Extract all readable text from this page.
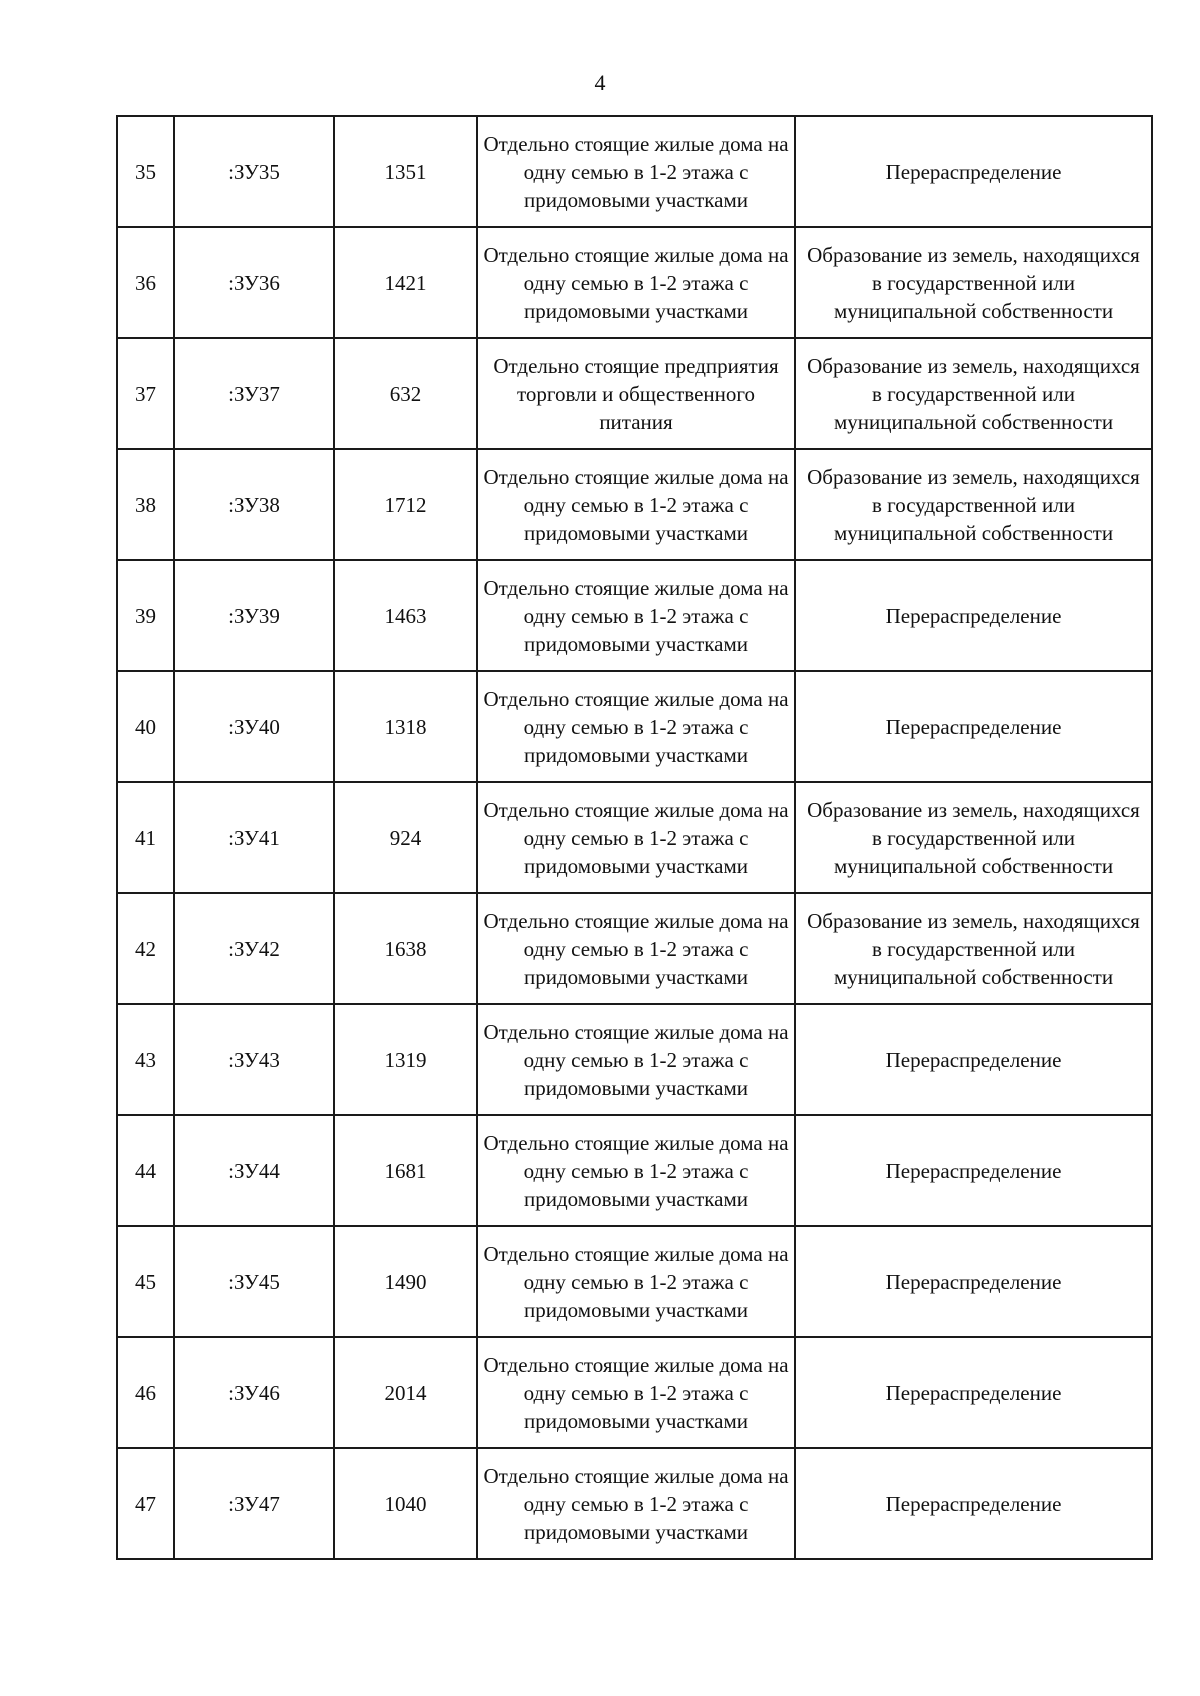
4
35	:ЗУ35	1351	Отдельно стоящие жилые дома на одну семью в 1-2 этажа с придомовыми участками	Перераспределение
36	:ЗУ36	1421	Отдельно стоящие жилые дома на одну семью в 1-2 этажа с придомовыми участками	Образование из земель, находящихся в государственной или муниципальной собственности
37	:ЗУ37	632	Отдельно стоящие предприятия торговли и общественного питания	Образование из земель, находящихся в государственной или муниципальной собственности
38	:ЗУ38	1712	Отдельно стоящие жилые дома на одну семью в 1-2 этажа с придомовыми участками	Образование из земель, находящихся в государственной или муниципальной собственности
39	:ЗУ39	1463	Отдельно стоящие жилые дома на одну семью в 1-2 этажа с придомовыми участками	Перераспределение
40	:ЗУ40	1318	Отдельно стоящие жилые дома на одну семью в 1-2 этажа с придомовыми участками	Перераспределение
41	:ЗУ41	924	Отдельно стоящие жилые дома на одну семью в 1-2 этажа с придомовыми участками	Образование из земель, находящихся в государственной или муниципальной собственности
42	:ЗУ42	1638	Отдельно стоящие жилые дома на одну семью в 1-2 этажа с придомовыми участками	Образование из земель, находящихся в государственной или муниципальной собственности
43	:ЗУ43	1319	Отдельно стоящие жилые дома на одну семью в 1-2 этажа с придомовыми участками	Перераспределение
44	:ЗУ44	1681	Отдельно стоящие жилые дома на одну семью в 1-2 этажа с придомовыми участками	Перераспределение
45	:ЗУ45	1490	Отдельно стоящие жилые дома на одну семью в 1-2 этажа с придомовыми участками	Перераспределение
46	:ЗУ46	2014	Отдельно стоящие жилые дома на одну семью в 1-2 этажа с придомовыми участками	Перераспределение
47	:ЗУ47	1040	Отдельно стоящие жилые дома на одну семью в 1-2 этажа с придомовыми участками	Перераспределение
